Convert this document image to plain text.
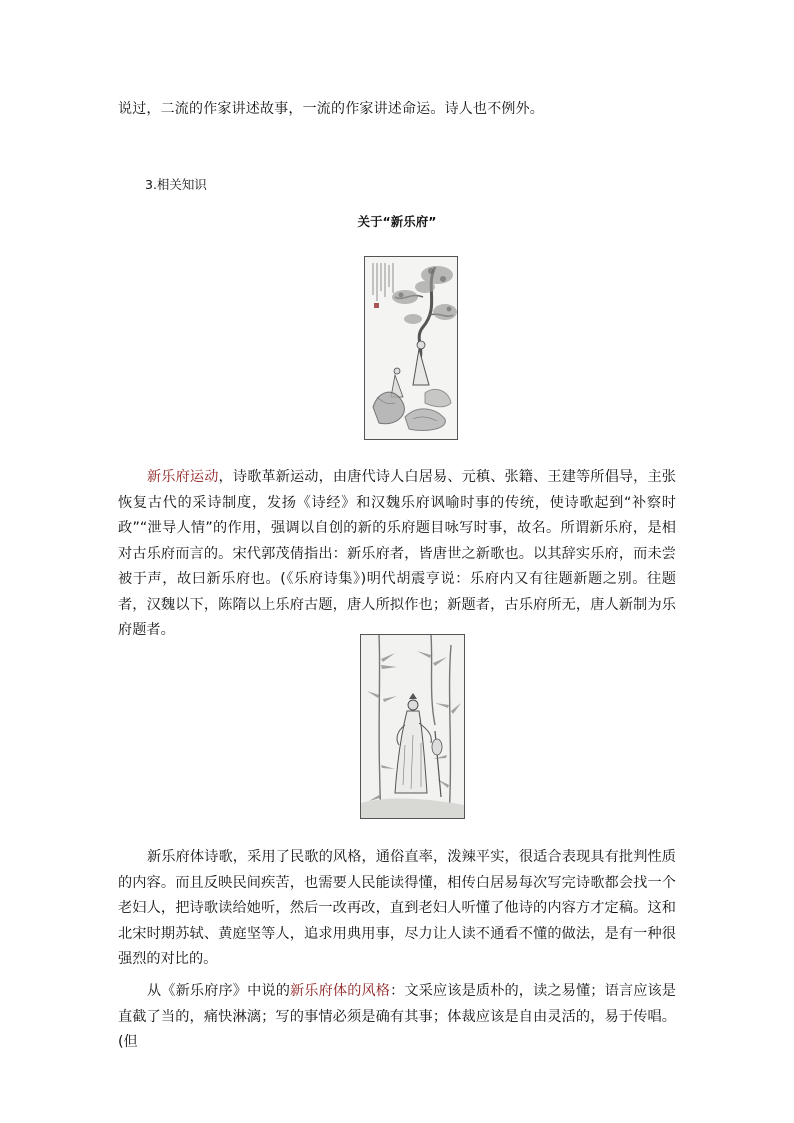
说过，二流的作家讲述故事，一流的作家讲述命运。诗人也不例外。
3.相关知识
关于“新乐府”

新乐府运动，诗歌革新运动，由唐代诗人白居易、元稹、张籍、王建等所倡导，主张恢复古代的采诗制度，发扬《诗经》和汉魏乐府讽喻时事的传统，使诗歌起到“补察时政”“泄导人情”的作用，强调以自创的新的乐府题目咏写时事，故名。所谓新乐府，是相对古乐府而言的。宋代郭茂倩指出：新乐府者，皆唐世之新歌也。以其辞实乐府，而未尝被于声，故曰新乐府也。(《乐府诗集》)明代胡震亨说：乐府内又有往题新题之别。往题者，汉魏以下，陈隋以上乐府古题，唐人所拟作也；新题者，古乐府所无，唐人新制为乐府题者。

新乐府体诗歌，采用了民歌的风格，通俗直率，泼辣平实，很适合表现具有批判性质的内容。而且反映民间疾苦，也需要人民能读得懂，相传白居易每次写完诗歌都会找一个老妇人，把诗歌读给她听，然后一改再改，直到老妇人听懂了他诗的内容方才定稿。这和北宋时期苏轼、黄庭坚等人，追求用典用事，尽力让人读不通看不懂的做法，是有一种很强烈的对比的。

从《新乐府序》中说的新乐府体的风格：文采应该是质朴的，读之易懂；语言应该是直截了当的，痛快淋漓；写的事情必须是确有其事；体裁应该是自由灵活的，易于传唱。(但
